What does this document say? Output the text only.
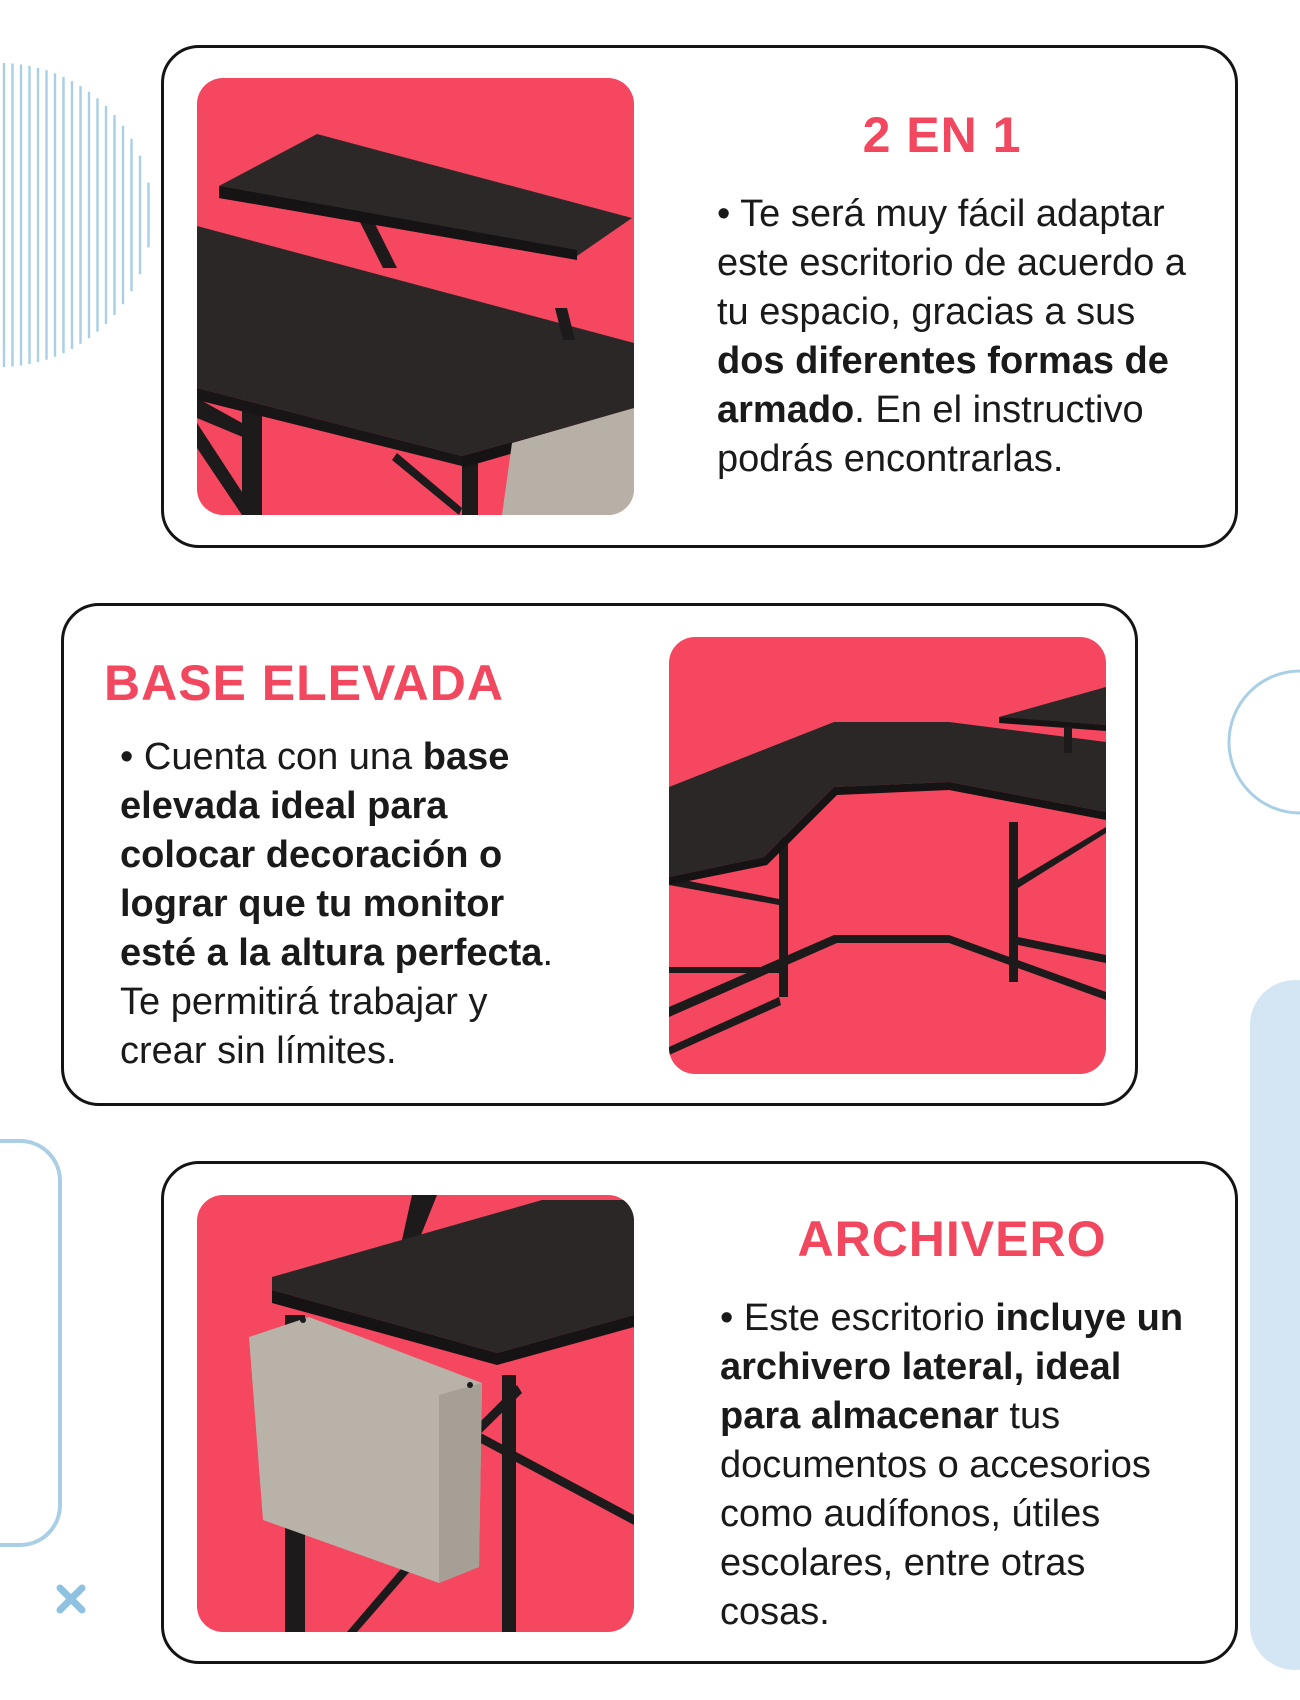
2 EN 1

• Te será muy fácil adaptar este escritorio de acuerdo a tu espacio, gracias a sus dos diferentes formas de armado. En el instructivo podrás encontrarlas.

BASE ELEVADA

• Cuenta con una base elevada ideal para colocar decoración o lograr que tu monitor esté a la altura perfecta. Te permitirá trabajar y crear sin límites.

ARCHIVERO

• Este escritorio incluye un archivero lateral, ideal para almacenar tus documentos o accesorios como audífonos, útiles escolares, entre otras cosas.
